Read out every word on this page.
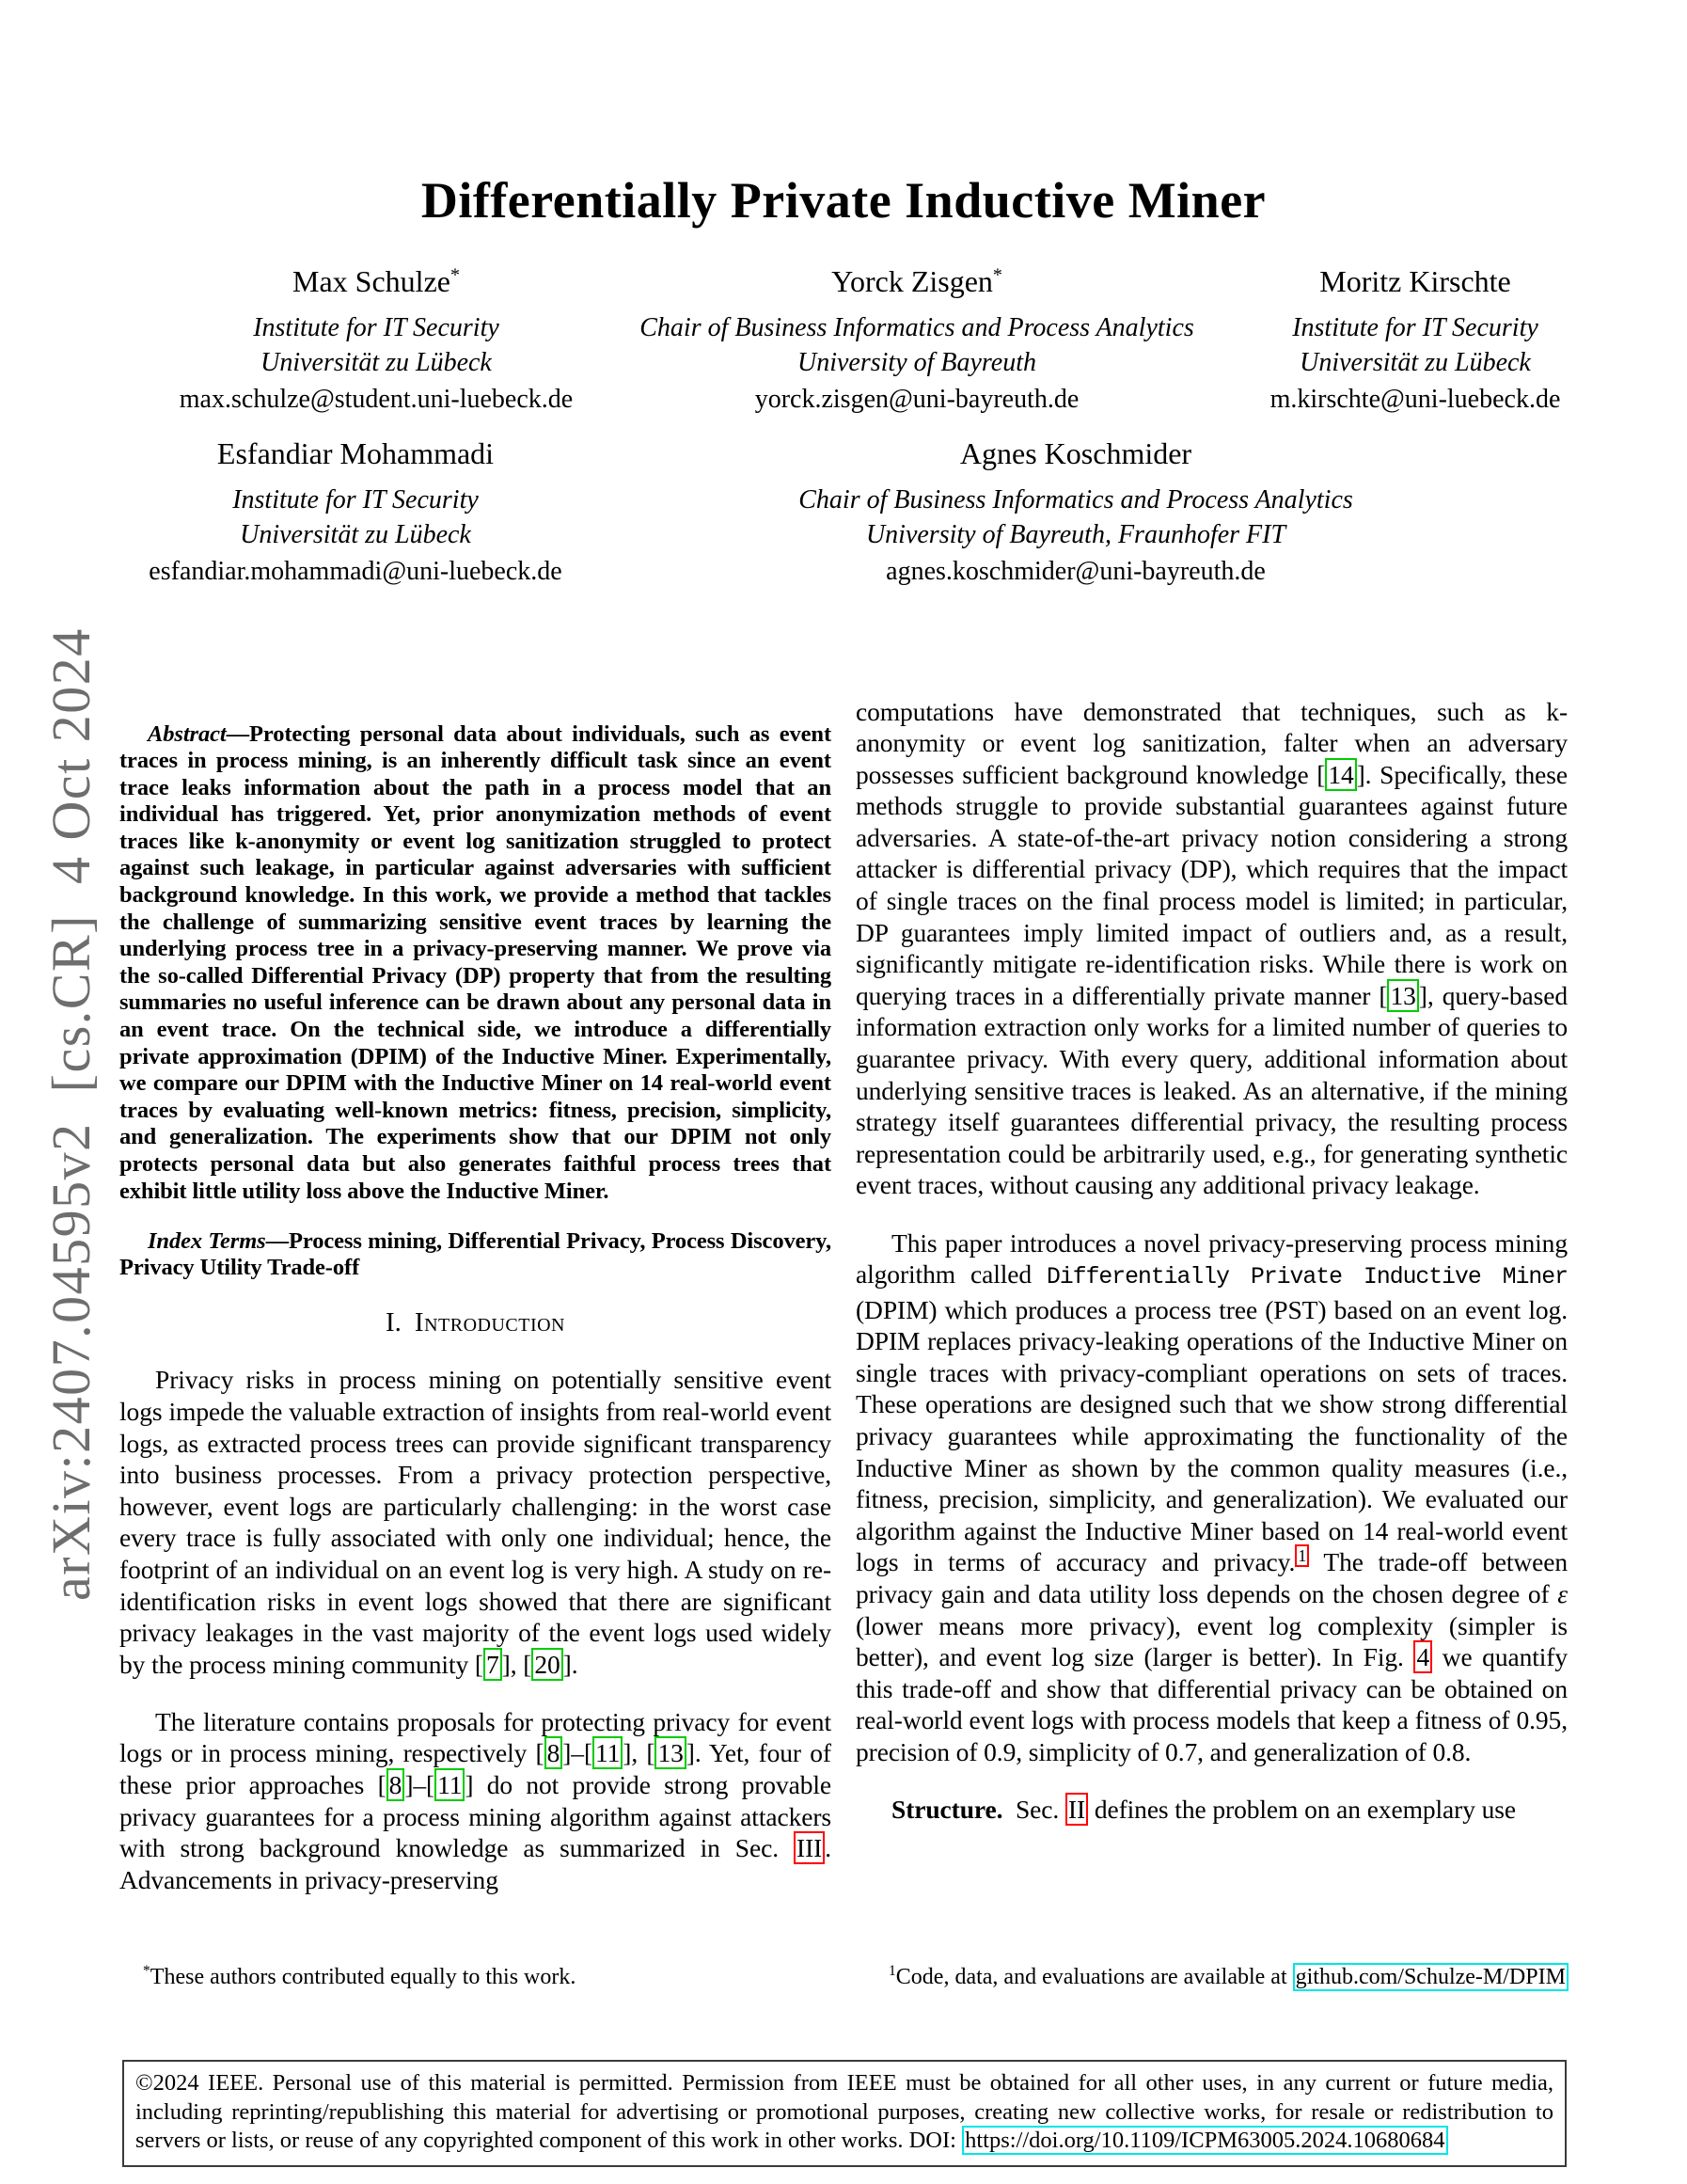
arXiv:2407.04595v2  [cs.CR]  4 Oct 2024
Differentially Private Inductive Miner
Max Schulze*
Institute for IT Security
Universität zu Lübeck
max.schulze@student.uni-luebeck.de
Yorck Zisgen*
Chair of Business Informatics and Process Analytics
University of Bayreuth
yorck.zisgen@uni-bayreuth.de
Moritz Kirschte
Institute for IT Security
Universität zu Lübeck
m.kirschte@uni-luebeck.de
Esfandiar Mohammadi
Institute for IT Security
Universität zu Lübeck
esfandiar.mohammadi@uni-luebeck.de
Agnes Koschmider
Chair of Business Informatics and Process Analytics
University of Bayreuth, Fraunhofer FIT
agnes.koschmider@uni-bayreuth.de

Abstract—Protecting personal data about individuals, such as event traces in process mining, is an inherently difficult task since an event trace leaks information about the path in a process model that an individual has triggered. Yet, prior anonymization methods of event traces like k-anonymity or event log sanitization struggled to protect against such leakage, in particular against adversaries with sufficient background knowledge. In this work, we provide a method that tackles the challenge of summarizing sensitive event traces by learning the underlying process tree in a privacy-preserving manner. We prove via the so-called Differential Privacy (DP) property that from the resulting summaries no useful inference can be drawn about any personal data in an event trace. On the technical side, we introduce a differentially private approximation (DPIM) of the Inductive Miner. Experimentally, we compare our DPIM with the Inductive Miner on 14 real-world event traces by evaluating well-known metrics: fitness, precision, simplicity, and generalization. The experiments show that our DPIM not only protects personal data but also generates faithful process trees that exhibit little utility loss above the Inductive Miner.

Index Terms—Process mining, Differential Privacy, Process Discovery, Privacy Utility Trade-off

I. Introduction

Privacy risks in process mining on potentially sensitive event logs impede the valuable extraction of insights from real-world event logs, as extracted process trees can provide significant transparency into business processes. From a privacy protection perspective, however, event logs are particularly challenging: in the worst case every trace is fully associated with only one individual; hence, the footprint of an individual on an event log is very high. A study on re-identification risks in event logs showed that there are significant privacy leakages in the vast majority of the event logs used widely by the process mining community [ 7 ], [ 20 ].

The literature contains proposals for protecting privacy for event logs or in process mining, respectively [ 8 ]–[ 11 ], [ 13 ]. Yet, four of these prior approaches [ 8 ]–[ 11 ] do not provide strong provable privacy guarantees for a process mining algorithm against attackers with strong background knowledge as summarized in Sec. III . Advancements in privacy-preserving

computations have demonstrated that techniques, such as k-anonymity or event log sanitization, falter when an adversary possesses sufficient background knowledge [ 14 ]. Specifically, these methods struggle to provide substantial guarantees against future adversaries. A state-of-the-art privacy notion considering a strong attacker is differential privacy (DP), which requires that the impact of single traces on the final process model is limited; in particular, DP guarantees imply limited impact of outliers and, as a result, significantly mitigate re-identification risks. While there is work on querying traces in a differentially private manner [ 13 ], query-based information extraction only works for a limited number of queries to guarantee privacy. With every query, additional information about underlying sensitive traces is leaked. As an alternative, if the mining strategy itself guarantees differential privacy, the resulting process representation could be arbitrarily used, e.g., for generating synthetic event traces, without causing any additional privacy leakage.

This paper introduces a novel privacy-preserving process mining algorithm called Differentially Private Inductive Miner (DPIM) which produces a process tree (PST) based on an event log. DPIM replaces privacy-leaking operations of the Inductive Miner on single traces with privacy-compliant operations on sets of traces. These operations are designed such that we show strong differential privacy guarantees while approximating the functionality of the Inductive Miner as shown by the common quality measures (i.e., fitness, precision, simplicity, and generalization). We evaluated our algorithm against the Inductive Miner based on 14 real-world event logs in terms of accuracy and privacy. $^1$ The trade-off between privacy gain and data utility loss depends on the chosen degree of ε (lower means more privacy), event log complexity (simpler is better), and event log size (larger is better). In Fig. 4 we quantify this trade-off and show that differential privacy can be obtained on real-world event logs with process models that keep a fitness of 0.95, precision of 0.9, simplicity of 0.7, and generalization of 0.8.

Structure.  Sec. II defines the problem on an exemplary use

*These authors contributed equally to this work.	$^1$Code, data, and evaluations are available at github.com/Schulze-M/DPIM
©2024 IEEE. Personal use of this material is permitted. Permission from IEEE must be obtained for all other uses, in any current or future media, including reprinting/republishing this material for advertising or promotional purposes, creating new collective works, for resale or redistribution to servers or lists, or reuse of any copyrighted component of this work in other works. DOI: https://doi.org/10.1109/ICPM63005.2024.10680684
